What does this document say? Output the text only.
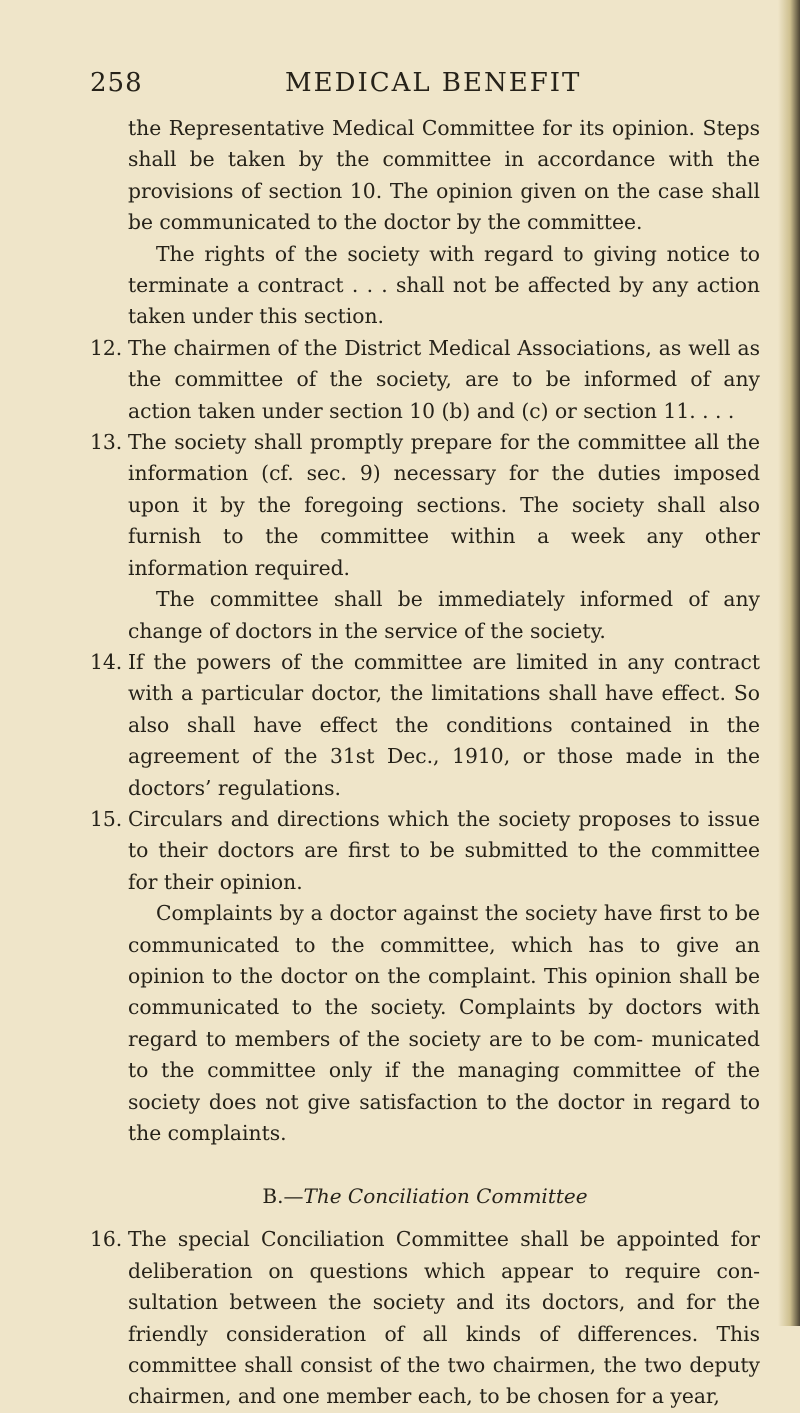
258	MEDICAL BENEFIT

the Representative Medical Committee for its opinion. Steps shall be taken by the committee in accordance with the provisions of section 10. The opinion given on the case shall be communicated to the doctor by the committee.

The rights of the society with regard to giving notice to terminate a contract . . . shall not be affected by any action taken under this section.

12. The chairmen of the District Medical Associations, as well as the committee of the society, are to be informed of any action taken under section 10 (b) and (c) or section 11. . . .
13. The society shall promptly prepare for the committee all the information (cf. sec. 9) necessary for the duties imposed upon it by the foregoing sections. The society shall also furnish to the committee within a week any other information required.

The committee shall be immediately informed of any change of doctors in the service of the society.

14. If the powers of the committee are limited in any contract with a particular doctor, the limitations shall have effect. So also shall have effect the conditions contained in the agreement of the 31st Dec., 1910, or those made in the doctors’ regulations.
15. Circulars and directions which the society proposes to issue to their doctors are first to be submitted to the committee for their opinion.

Complaints by a doctor against the society have first to be communicated to the committee, which has to give an opinion to the doctor on the complaint. This opinion shall be communicated to the society. Complaints by doctors with regard to members of the society are to be com- municated to the committee only if the managing committee of the society does not give satisfaction to the doctor in regard to the complaints.

B.—The Conciliation Committee
16. The special Conciliation Committee shall be appointed for deliberation on questions which appear to require con- sultation between the society and its doctors, and for the friendly consideration of all kinds of differences. This committee shall consist of the two chairmen, the two deputy chairmen, and one member each, to be chosen for a year,
